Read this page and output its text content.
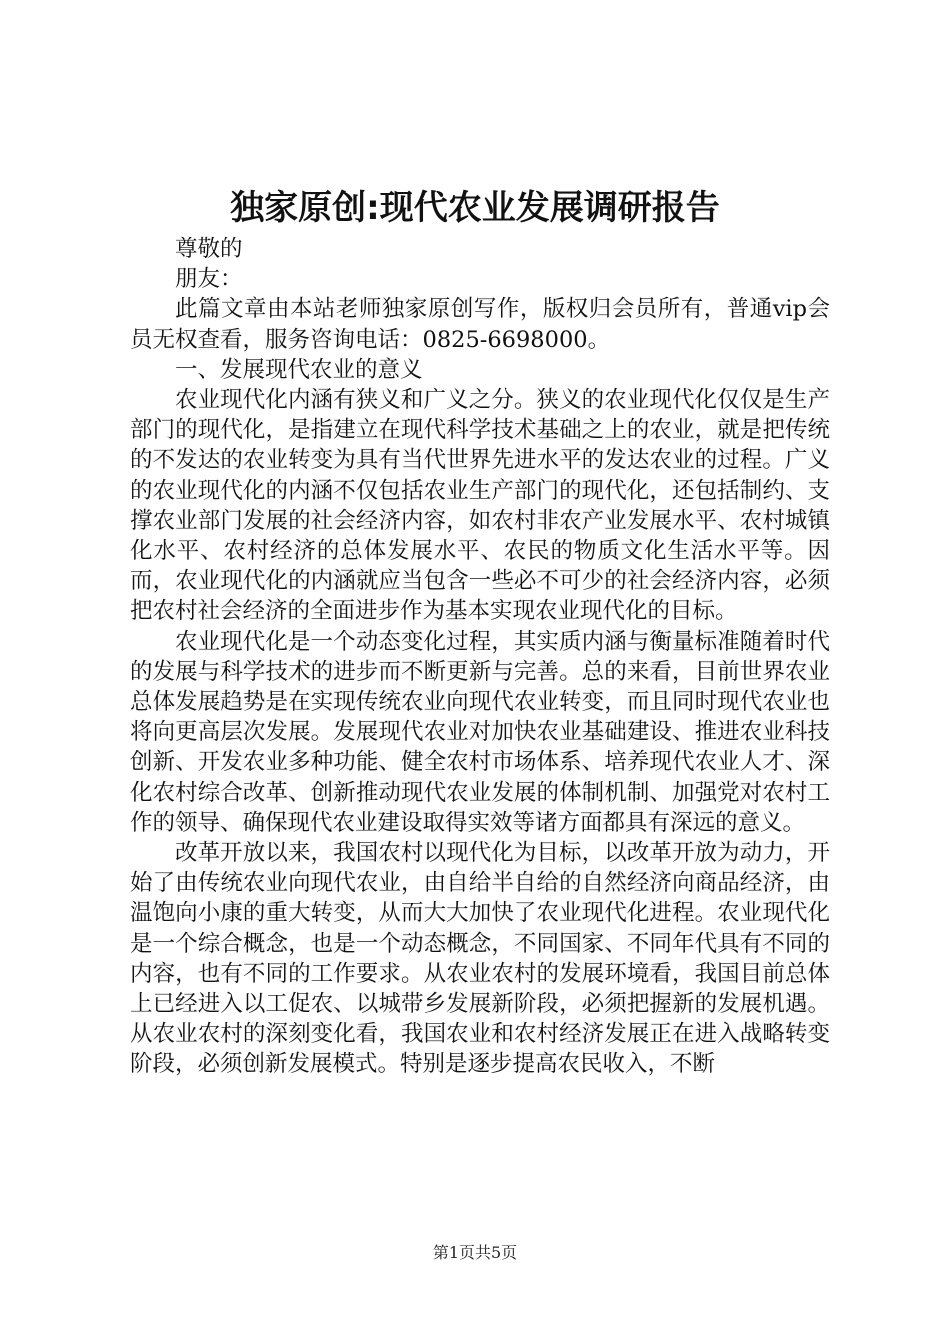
独家原创:现代农业发展调研报告

尊敬的

朋友：

此篇文章由本站老师独家原创写作，版权归会员所有，普通vip会员无权查看，服务咨询电话：0825-6698000。

一、发展现代农业的意义

农业现代化内涵有狭义和广义之分。狭义的农业现代化仅仅是生产部门的现代化，是指建立在现代科学技术基础之上的农业，就是把传统的不发达的农业转变为具有当代世界先进水平的发达农业的过程。广义的农业现代化的内涵不仅包括农业生产部门的现代化，还包括制约、支撑农业部门发展的社会经济内容，如农村非农产业发展水平、农村城镇化水平、农村经济的总体发展水平、农民的物质文化生活水平等。因而，农业现代化的内涵就应当包含一些必不可少的社会经济内容，必须把农村社会经济的全面进步作为基本实现农业现代化的目标。

农业现代化是一个动态变化过程，其实质内涵与衡量标准随着时代的发展与科学技术的进步而不断更新与完善。总的来看，目前世界农业总体发展趋势是在实现传统农业向现代农业转变，而且同时现代农业也将向更高层次发展。发展现代农业对加快农业基础建设、推进农业科技创新、开发农业多种功能、健全农村市场体系、培养现代农业人才、深化农村综合改革、创新推动现代农业发展的体制机制、加强党对农村工作的领导、确保现代农业建设取得实效等诸方面都具有深远的意义。

改革开放以来，我国农村以现代化为目标，以改革开放为动力，开始了由传统农业向现代农业，由自给半自给的自然经济向商品经济，由温饱向小康的重大转变，从而大大加快了农业现代化进程。农业现代化是一个综合概念，也是一个动态概念，不同国家、不同年代具有不同的内容，也有不同的工作要求。从农业农村的发展环境看，我国目前总体上已经进入以工促农、以城带乡发展新阶段，必须把握新的发展机遇。从农业农村的深刻变化看，我国农业和农村经济发展正在进入战略转变阶段，必须创新发展模式。特别是逐步提高农民收入，不断

第1页共5页
